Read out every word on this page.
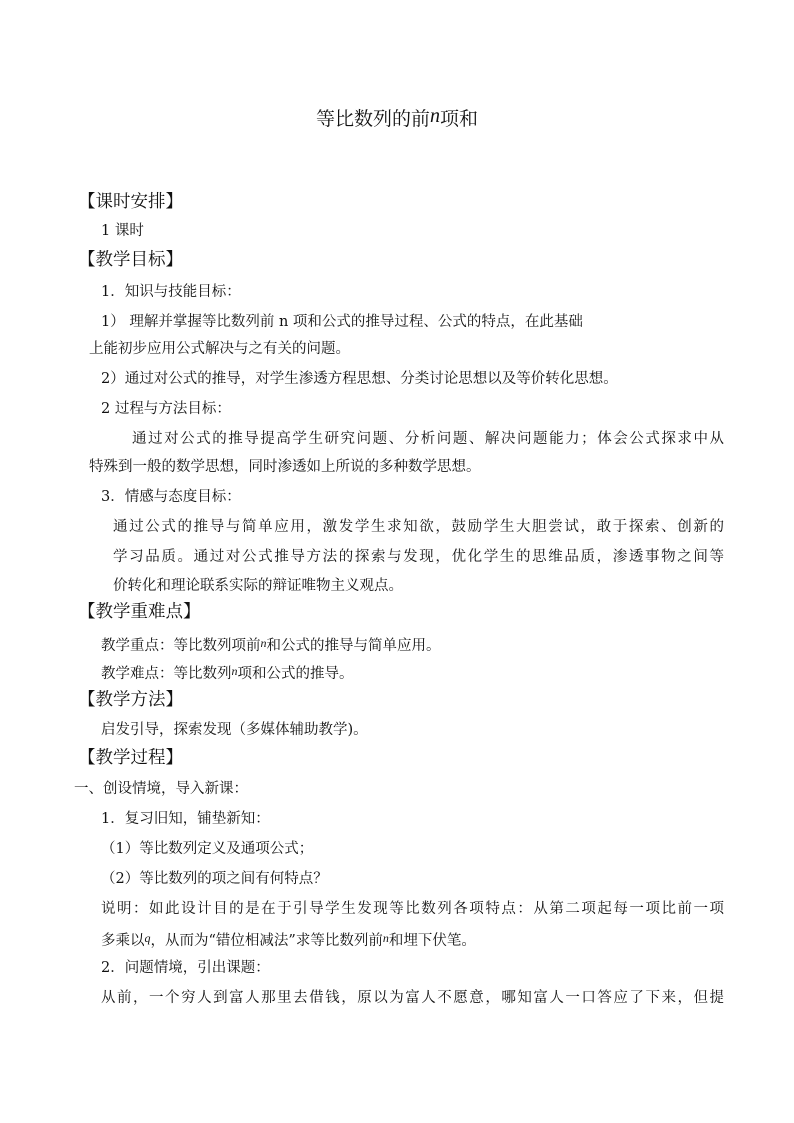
等比数列的前n项和
【课时安排】
1 课时
【教学目标】
1．知识与技能目标：
1） 理解并掌握等比数列前 n 项和公式的推导过程、公式的特点，在此基础
上能初步应用公式解决与之有关的问题。
2）通过对公式的推导，对学生渗透方程思想、分类讨论思想以及等价转化思想。
2 过程与方法目标：
通过对公式的推导提高学生研究问题、分析问题、解决问题能力；体会公式探求中从
特殊到一般的数学思想，同时渗透如上所说的多种数学思想。
3．情感与态度目标：
通过公式的推导与简单应用，激发学生求知欲，鼓励学生大胆尝试，敢于探索、创新的
学习品质。通过对公式推导方法的探索与发现，优化学生的思维品质，渗透事物之间等
价转化和理论联系实际的辩证唯物主义观点。
【教学重难点】
教学重点：等比数列项前$^n$和公式的推导与简单应用。
教学难点：等比数列$^n$项和公式的推导。
【教学方法】
启发引导，探索发现（多媒体辅助教学)。
【教学过程】
一、创设情境，导入新课：
1．复习旧知，铺垫新知：
（1）等比数列定义及通项公式；
（2）等比数列的项之间有何特点？
说明：如此设计目的是在于引导学生发现等比数列各项特点：从第二项起每一项比前一项
多乘以$^q$，从而为“错位相减法”求等比数列前$^n$和埋下伏笔。
2．问题情境，引出课题：
从前，一个穷人到富人那里去借钱，原以为富人不愿意，哪知富人一口答应了下来，但提
